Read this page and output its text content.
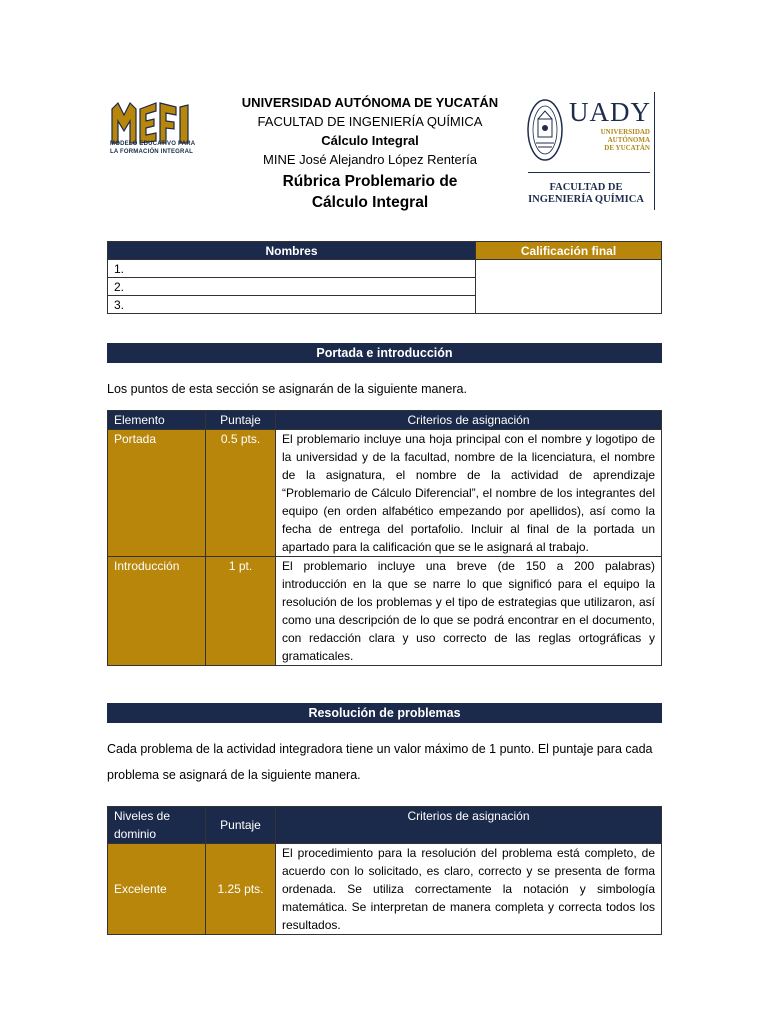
MODELO EDUCATIVO PARA
LA FORMACIÓN INTEGRAL
UNIVERSIDAD AUTÓNOMA DE YUCATÁN
FACULTAD DE INGENIERÍA QUÍMICA
Cálculo Integral
MINE José Alejandro López Rentería
Rúbrica Problemario de Cálculo Integral
UADY
UNIVERSIDAD
AUTÓNOMA
DE YUCATÁN
FACULTAD DE
INGENIERÍA QUÍMICA
Nombres	Calificación final
1.	
2.	
3.	
Portada e introducción
Los puntos de esta sección se asignarán de la siguiente manera.
Elemento	Puntaje	Criterios de asignación
Portada	0.5 pts.	El problemario incluye una hoja principal con el nombre y logotipo de la universidad y de la facultad, nombre de la licenciatura, el nombre de la asignatura, el nombre de la actividad de aprendizaje “Problemario de Cálculo Diferencial”, el nombre de los integrantes del equipo (en orden alfabético empezando por apellidos), así como la fecha de entrega del portafolio. Incluir al final de la portada un apartado para la calificación que se le asignará al trabajo.
Introducción	1 pt.	El problemario incluye una breve (de 150 a 200 palabras) introducción en la que se narre lo que significó para el equipo la resolución de los problemas y el tipo de estrategias que utilizaron, así como una descripción de lo que se podrá encontrar en el documento, con redacción clara y uso correcto de las reglas ortográficas y gramaticales.
Resolución de problemas
Cada problema de la actividad integradora tiene un valor máximo de 1 punto. El puntaje para cada
problema se asignará de la siguiente manera.
Niveles de dominio	Puntaje	Criterios de asignación
Excelente	1.25 pts.	El procedimiento para la resolución del problema está completo, de acuerdo con lo solicitado, es claro, correcto y se presenta de forma ordenada. Se utiliza correctamente la notación y simbología matemática. Se interpretan de manera completa y correcta todos los resultados.
